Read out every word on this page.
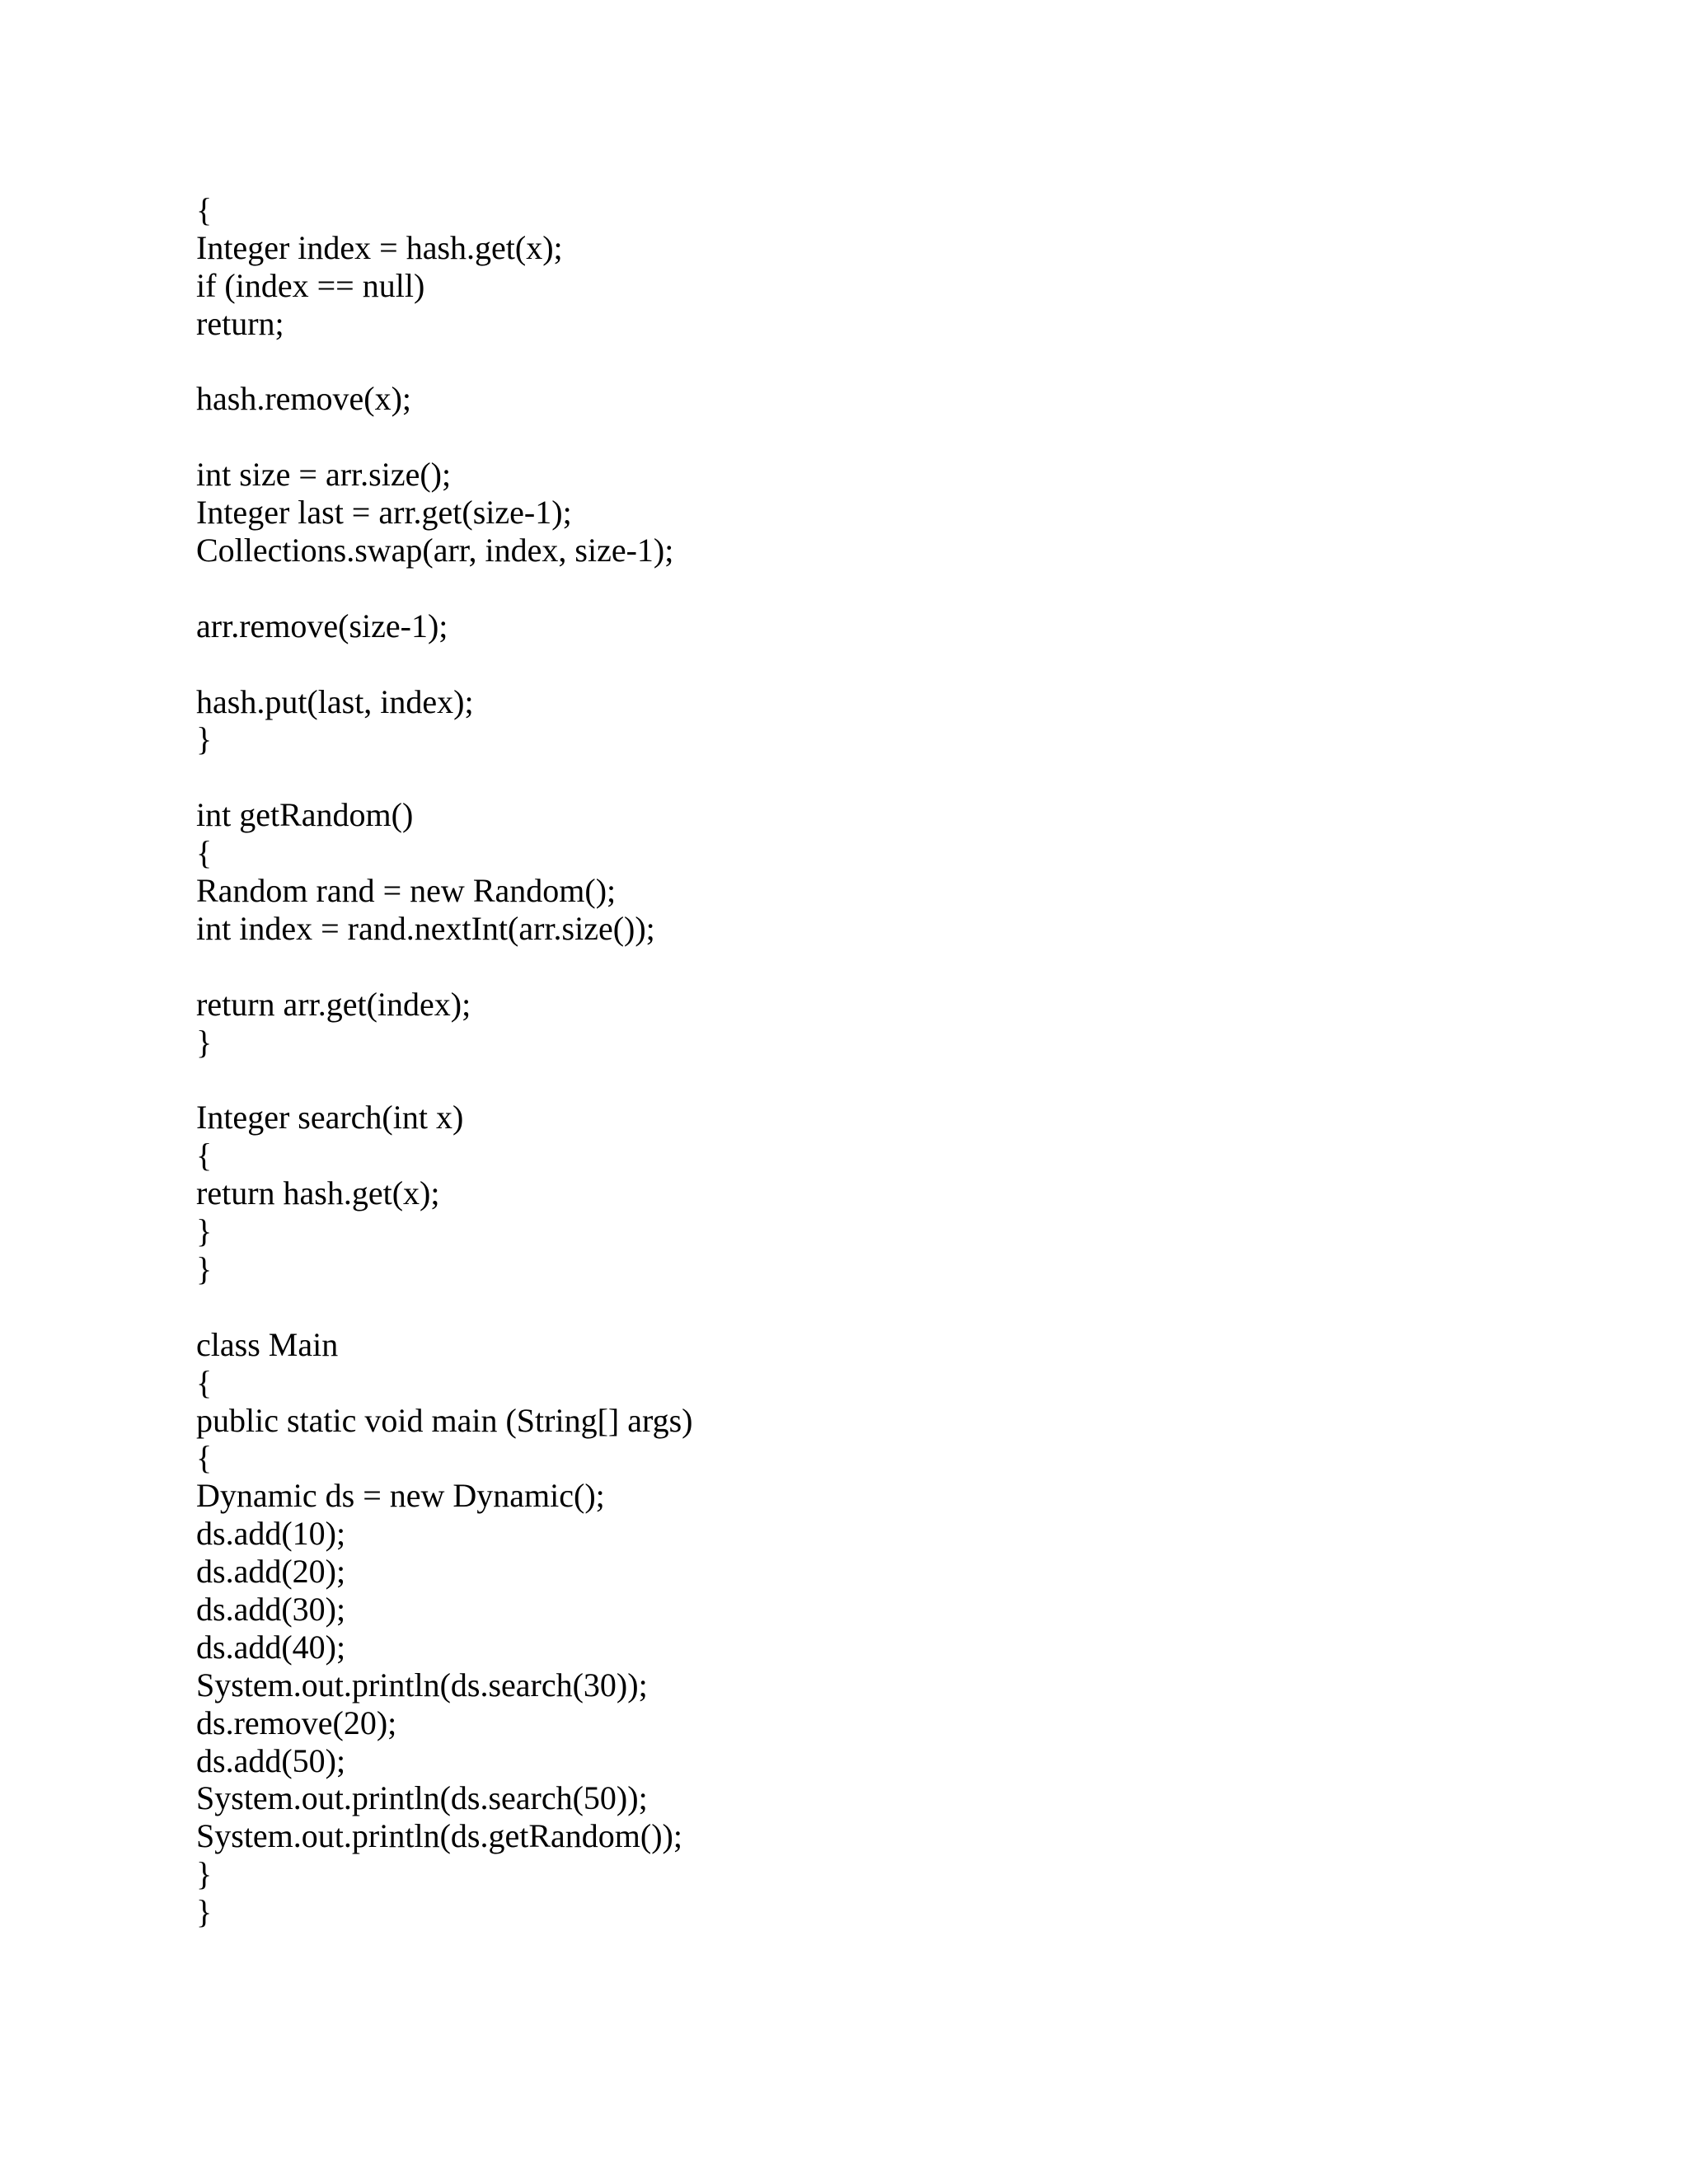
{
Integer index = hash.get(x);
if (index == null)
return;
hash.remove(x);
int size = arr.size();
Integer last = arr.get(size-1);
Collections.swap(arr, index, size-1);
arr.remove(size-1);
hash.put(last, index);
}
int getRandom()
{
Random rand = new Random();
int index = rand.nextInt(arr.size());
return arr.get(index);
}
Integer search(int x)
{
return hash.get(x);
}
}
class Main
{
public static void main (String[] args)
{
Dynamic ds = new Dynamic();
ds.add(10);
ds.add(20);
ds.add(30);
ds.add(40);
System.out.println(ds.search(30));
ds.remove(20);
ds.add(50);
System.out.println(ds.search(50));
System.out.println(ds.getRandom());
}
}
